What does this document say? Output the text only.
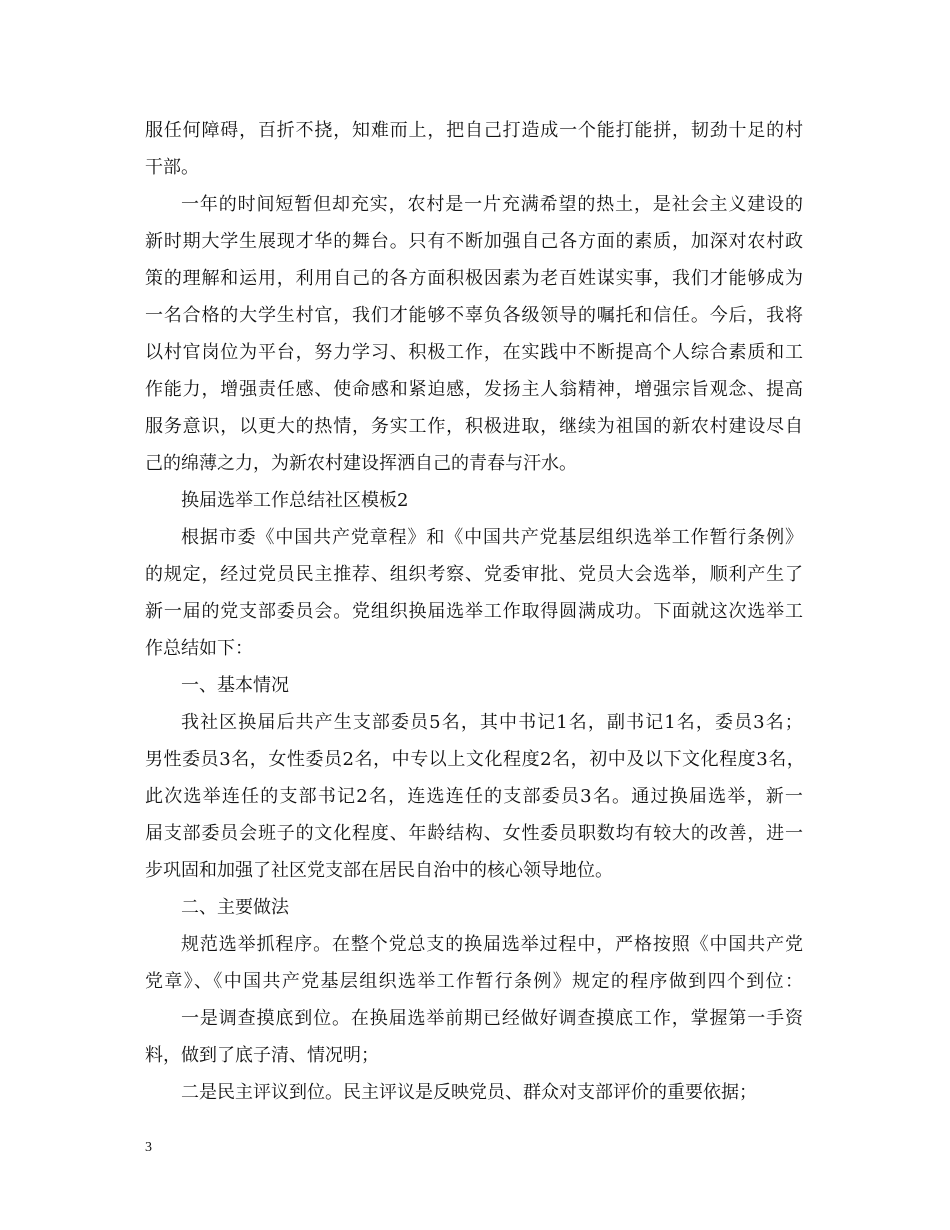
服任何障碍，百折不挠，知难而上，把自己打造成一个能打能拼，韧劲十足的村
干部。
一年的时间短暂但却充实，农村是一片充满希望的热土，是社会主义建设的
新时期大学生展现才华的舞台。只有不断加强自己各方面的素质，加深对农村政
策的理解和运用，利用自己的各方面积极因素为老百姓谋实事，我们才能够成为
一名合格的大学生村官，我们才能够不辜负各级领导的嘱托和信任。今后，我将
以村官岗位为平台，努力学习、积极工作，在实践中不断提高个人综合素质和工
作能力，增强责任感、使命感和紧迫感，发扬主人翁精神，增强宗旨观念、提高
服务意识，以更大的热情，务实工作，积极进取，继续为祖国的新农村建设尽自
己的绵薄之力，为新农村建设挥洒自己的青春与汗水。
换届选举工作总结社区模板2
根据市委《中国共产党章程》和《中国共产党基层组织选举工作暂行条例》
的规定，经过党员民主推荐、组织考察、党委审批、党员大会选举，顺利产生了
新一届的党支部委员会。党组织换届选举工作取得圆满成功。下面就这次选举工
作总结如下：
一、基本情况
我社区换届后共产生支部委员5名，其中书记1名，副书记1名，委员3名；
男性委员3名，女性委员2名，中专以上文化程度2名，初中及以下文化程度3名，
此次选举连任的支部书记2名，连选连任的支部委员3名。通过换届选举，新一
届支部委员会班子的文化程度、年龄结构、女性委员职数均有较大的改善，进一
步巩固和加强了社区党支部在居民自治中的核心领导地位。
二、主要做法
规范选举抓程序。在整个党总支的换届选举过程中，严格按照《中国共产党
党章》、《中国共产党基层组织选举工作暂行条例》规定的程序做到四个到位：
一是调查摸底到位。在换届选举前期已经做好调查摸底工作，掌握第一手资
料，做到了底子清、情况明；
二是民主评议到位。民主评议是反映党员、群众对支部评价的重要依据；
3
